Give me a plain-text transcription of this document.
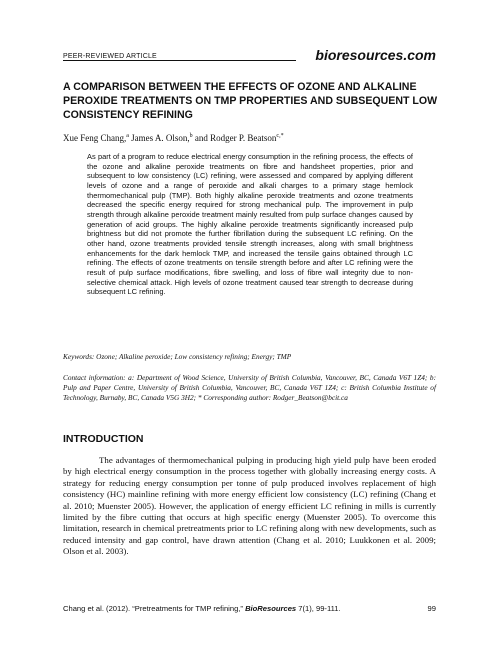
PEER-REVIEWED ARTICLE	bioresources.com
A COMPARISON BETWEEN THE EFFECTS OF OZONE AND ALKALINE PEROXIDE TREATMENTS ON TMP PROPERTIES AND SUBSEQUENT LOW CONSISTENCY REFINING
Xue Feng Chang,$^a$ James A. Olson,$^b$ and Rodger P. Beatson$^{c,*}$
As part of a program to reduce electrical energy consumption in the refining process, the effects of the ozone and alkaline peroxide treatments on fibre and handsheet properties, prior and subsequent to low consistency (LC) refining, were assessed and compared by applying different levels of ozone and a range of peroxide and alkali charges to a primary stage hemlock thermomechanical pulp (TMP). Both highly alkaline peroxide treatments and ozone treatments decreased the specific energy required for strong mechanical pulp. The improvement in pulp strength through alkaline peroxide treatment mainly resulted from pulp surface changes caused by generation of acid groups. The highly alkaline peroxide treatments significantly increased pulp brightness but did not promote the further fibrillation during the subsequent LC refining. On the other hand, ozone treatments provided tensile strength increases, along with small brightness enhancements for the dark hemlock TMP, and increased the tensile gains obtained through LC refining. The effects of ozone treatments on tensile strength before and after LC refining were the result of pulp surface modifications, fibre swelling, and loss of fibre wall integrity due to non-selective chemical attack. High levels of ozone treatment caused tear strength to decrease during subsequent LC refining.
Keywords: Ozone; Alkaline peroxide; Low consistency refining; Energy; TMP
Contact information: a: Department of Wood Science, University of British Columbia, Vancouver, BC, Canada V6T 1Z4; b: Pulp and Paper Centre, University of British Columbia, Vancouver, BC, Canada V6T 1Z4; c: British Columbia Institute of Technology, Burnaby, BC, Canada V5G 3H2; * Corresponding author: Rodger_Beatson@bcit.ca
INTRODUCTION
The advantages of thermomechanical pulping in producing high yield pulp have been eroded by high electrical energy consumption in the process together with globally increasing energy costs. A strategy for reducing energy consumption per tonne of pulp produced involves replacement of high consistency (HC) mainline refining with more energy efficient low consistency (LC) refining (Chang et al. 2010; Muenster 2005). However, the application of energy efficient LC refining in mills is currently limited by the fibre cutting that occurs at high specific energy (Muenster 2005). To overcome this limitation, research in chemical pretreatments prior to LC refining along with new developments, such as reduced intensity and gap control, have drawn attention (Chang et al. 2010; Luukkonen et al. 2009; Olson et al. 2003).
Chang et al. (2012). “Pretreatments for TMP refining,” BioResources 7(1), 99-111.	99
